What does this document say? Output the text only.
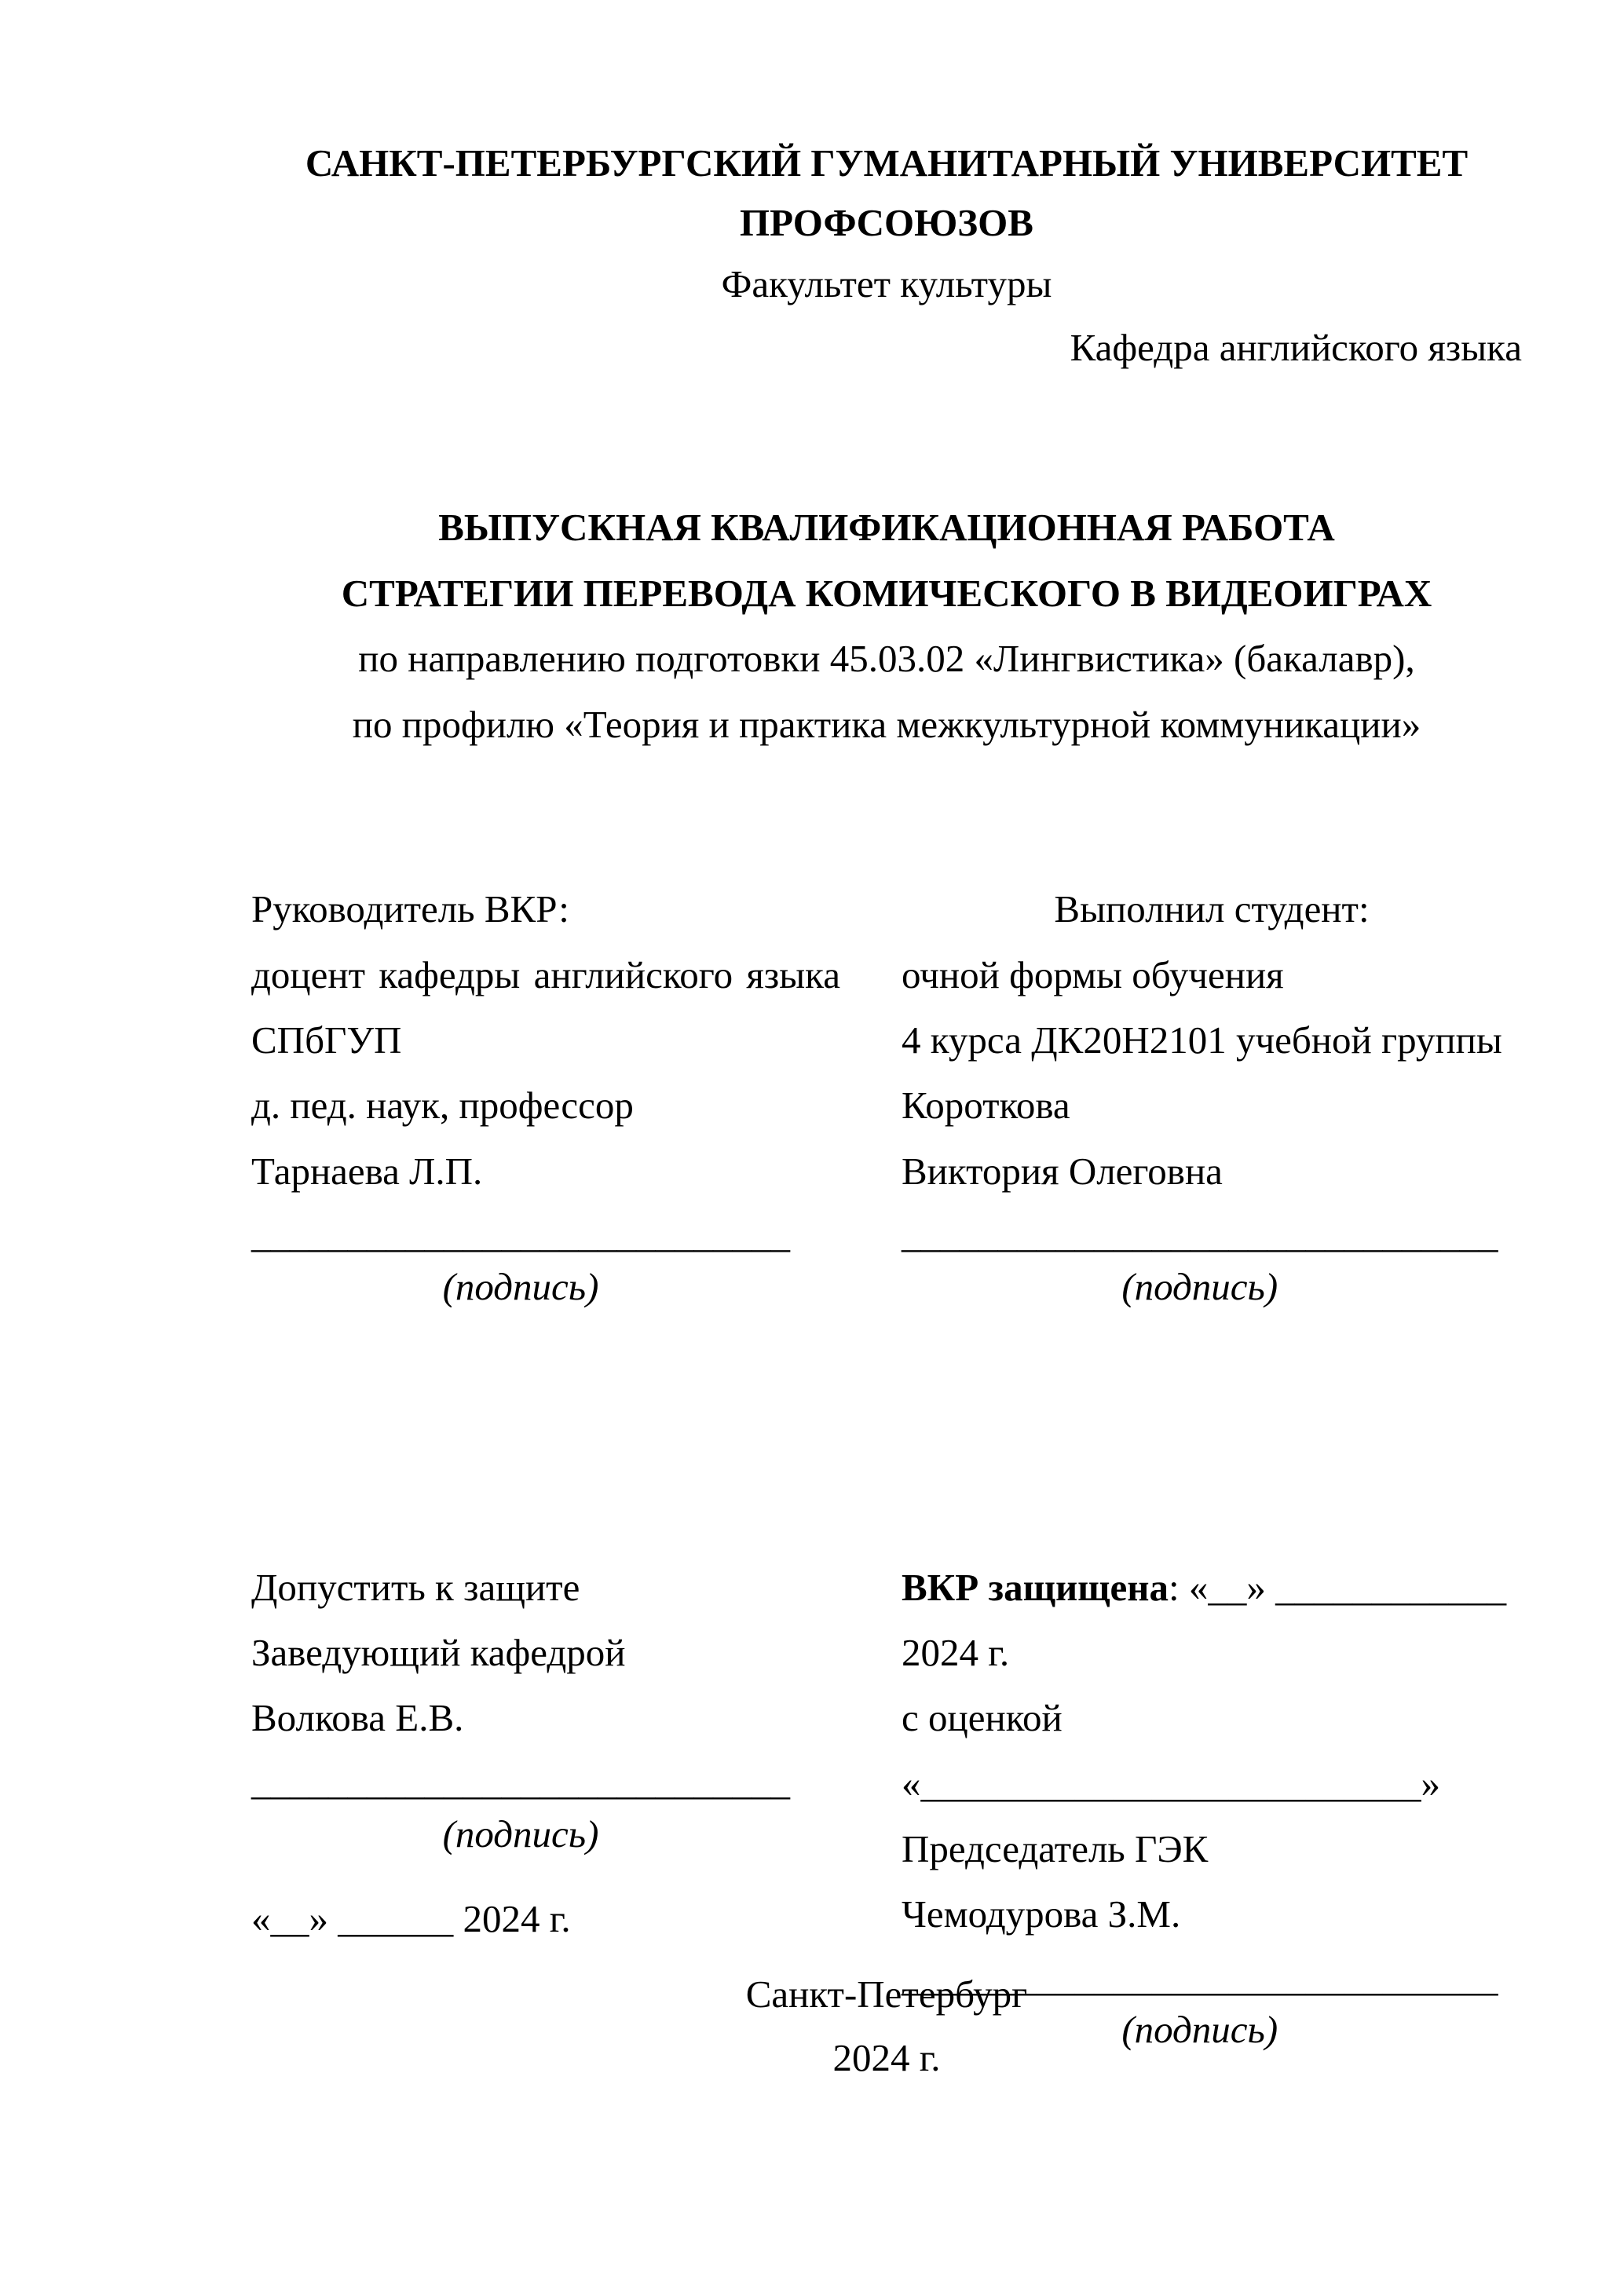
САНКТ-ПЕТЕРБУРГСКИЙ ГУМАНИТАРНЫЙ УНИВЕРСИТЕТ ПРОФСОЮЗОВ
Факультет культуры
Кафедра английского языка
ВЫПУСКНАЯ КВАЛИФИКАЦИОННАЯ РАБОТА
СТРАТЕГИИ ПЕРЕВОДА КОМИЧЕСКОГО В ВИДЕОИГРАХ
по направлению подготовки 45.03.02 «Лингвистика» (бакалавр),
по профилю «Теория и практика межкультурной коммуникации»
Руководитель ВКР:
доцент кафедры английского языка
СПбГУП
д. пед. наук, профессор
Тарнаева Л.П.
____________________________
(подпись)
Выполнил студент:
очной формы обучения
4 курса ДК20Н2101 учебной группы
Короткова
Виктория Олеговна
_______________________________
(подпись)
Допустить к защите
Заведующий кафедрой
Волкова Е.В.
____________________________
(подпись)
«__» ______ 2024 г.
ВКР защищена: «__» ____________ 2024 г.
с оценкой «__________________________»
Председатель ГЭК
Чемодурова З.М.
_______________________________
(подпись)
Санкт-Петербург
2024 г.
